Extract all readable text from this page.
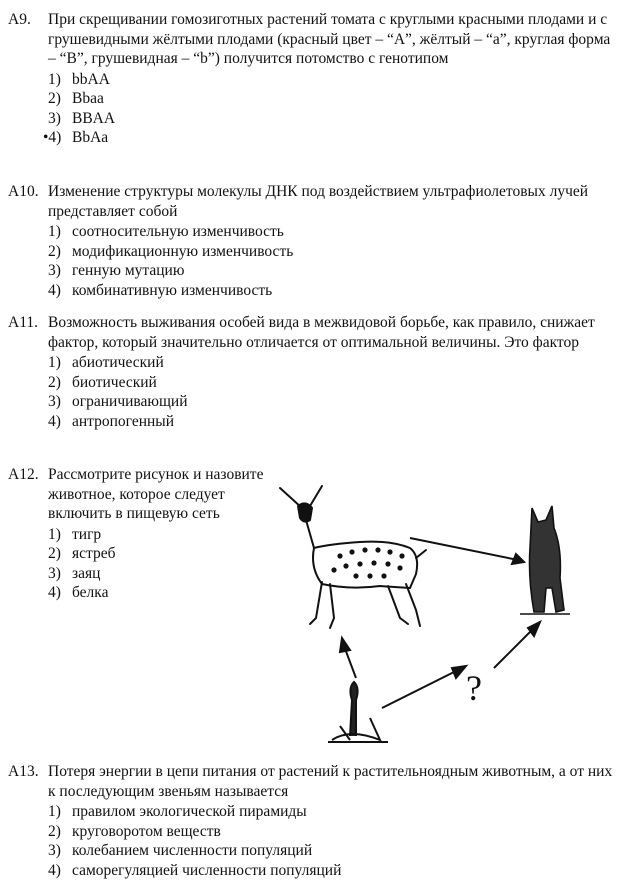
А9.	При скрещивании гомозиготных растений томата с круглыми красными плодами и с грушевидными жёлтыми плодами (красный цвет – “А”, жёлтый – “а”, круглая форма – “В”, грушевидная – “b”) получится потомство с генотипом
1) bbAA
2) Bbaa
3) BBAA
•4) BbAa
А10. Изменение структуры молекулы ДНК под воздействием ультрафиолетовых лучей представляет собой
1) соотносительную изменчивость
2) модификационную изменчивость
3) генную мутацию
4) комбинативную изменчивость
А11. Возможность выживания особей вида в межвидовой борьбе, как правило, снижает фактор, который значительно отличается от оптимальной величины. Это фактор
1) абиотический
2) биотический
3) ограничивающий
4) антропогенный
А12. Рассмотрите рисунок и назовите животное, которое следует включить в пищевую сеть
1) тигр
2) ястреб
3) заяц
4) белка
?
А13. Потеря энергии в цепи питания от растений к растительноядным животным, а от них к последующим звеньям называется
1) правилом экологической пирамиды
2) круговоротом веществ
3) колебанием численности популяций
4) саморегуляцией численности популяций
